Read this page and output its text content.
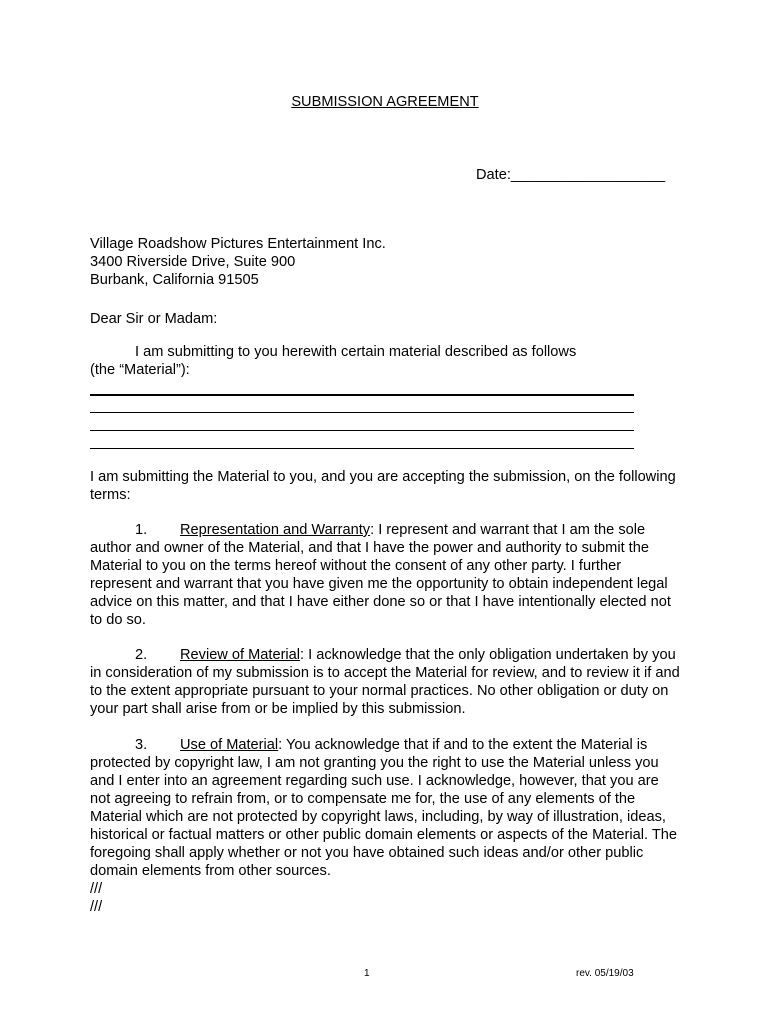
SUBMISSION AGREEMENT
Date:___________________
Village Roadshow Pictures Entertainment Inc.
3400 Riverside Drive, Suite 900
Burbank, California 91505
Dear Sir or Madam:
I am submitting to you herewith certain material described as follows
(the “Material”):
I am submitting the Material to you, and you are accepting the submission, on the following terms:

1. Representation and Warranty: I represent and warrant that I am the sole author and owner of the Material, and that I have the power and authority to submit the Material to you on the terms hereof without the consent of any other party. I further represent and warrant that you have given me the opportunity to obtain independent legal advice on this matter, and that I have either done so or that I have intentionally elected not to do so.

2. Review of Material: I acknowledge that the only obligation undertaken by you in consideration of my submission is to accept the Material for review, and to review it if and to the extent appropriate pursuant to your normal practices. No other obligation or duty on your part shall arise from or be implied by this submission.

3. Use of Material: You acknowledge that if and to the extent the Material is protected by copyright law, I am not granting you the right to use the Material unless you and I enter into an agreement regarding such use. I acknowledge, however, that you are not agreeing to refrain from, or to compensate me for, the use of any elements of the Material which are not protected by copyright laws, including, by way of illustration, ideas, historical or factual matters or other public domain elements or aspects of the Material. The foregoing shall apply whether or not you have obtained such ideas and/or other public domain elements from other sources.

///
///
1	rev. 05/19/03
